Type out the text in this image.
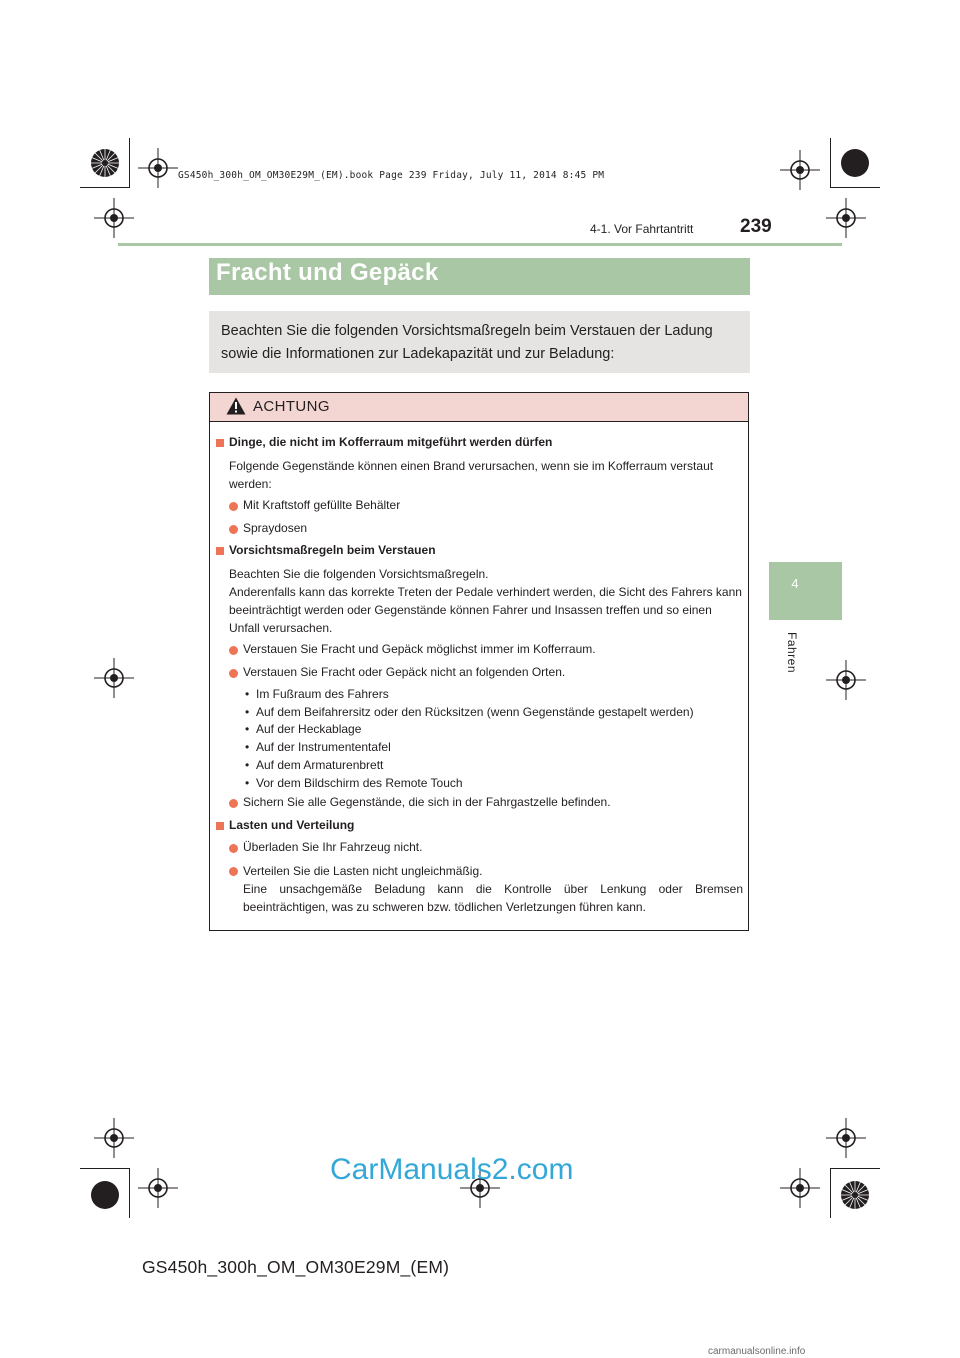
GS450h_300h_OM_OM30E29M_(EM).book Page 239 Friday, July 11, 2014 8:45 PM
4-1. Vor Fahrtantritt 239
4
Fahren
Fracht und Gepäck
Beachten Sie die folgenden Vorsichtsmaßregeln beim Verstauen der Ladung
sowie die Informationen zur Ladekapazität und zur Beladung:
ACHTUNG
Dinge, die nicht im Kofferraum mitgeführt werden dürfen
Folgende Gegenstände können einen Brand verursachen, wenn sie im Kofferraum verstaut werden:
Mit Kraftstoff gefüllte Behälter
Spraydosen
Vorsichtsmaßregeln beim Verstauen
Beachten Sie die folgenden Vorsichtsmaßregeln.
Anderenfalls kann das korrekte Treten der Pedale verhindert werden, die Sicht des Fahrers kann beeinträchtigt werden oder Gegenstände können Fahrer und Insassen treffen und so einen Unfall verursachen.
Verstauen Sie Fracht und Gepäck möglichst immer im Kofferraum.
Verstauen Sie Fracht oder Gepäck nicht an folgenden Orten.
• Im Fußraum des Fahrers
• Auf dem Beifahrersitz oder den Rücksitzen (wenn Gegenstände gestapelt werden)
• Auf der Heckablage
• Auf der Instrumententafel
• Auf dem Armaturenbrett
• Vor dem Bildschirm des Remote Touch
Sichern Sie alle Gegenstände, die sich in der Fahrgastzelle befinden.
Lasten und Verteilung
Überladen Sie Ihr Fahrzeug nicht.
Verteilen Sie die Lasten nicht ungleichmäßig.
Eine unsachgemäße Beladung kann die Kontrolle über Lenkung oder Bremsen beeinträchtigen, was zu schweren bzw. tödlichen Verletzungen führen kann.
CarManuals2.com
GS450h_300h_OM_OM30E29M_(EM)
carmanualsonline.info
